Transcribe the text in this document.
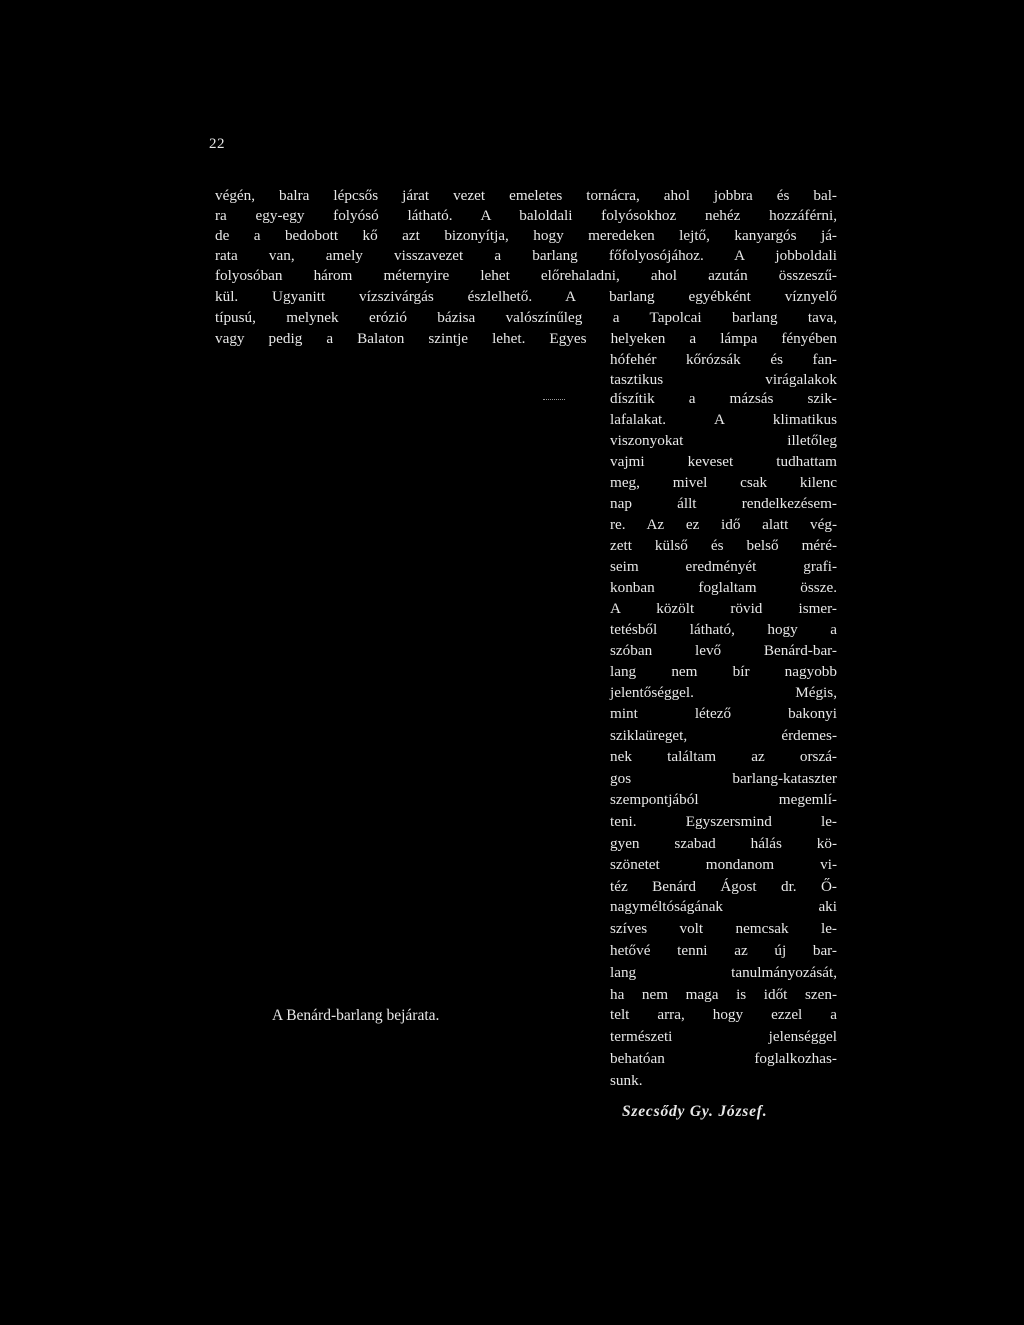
22
végén, balra lépcsős járat vezet emeletes tornácra, ahol jobbra és bal-
ra egy-egy folyósó látható. A baloldali folyósokhoz nehéz hozzáférni,
de a bedobott kő azt bizonyítja, hogy meredeken lejtő, kanyargós já-
rata van, amely visszavezet a barlang főfolyosójához. A jobboldali
folyosóban három méternyire lehet előrehaladni, ahol azután összeszű-
kül. Ugyanitt vízszivárgás észlelhető. A barlang egyébként víznyelő
típusú, melynek erózió bázisa valószínűleg a Tapolcai barlang tava,
vagy pedig a Balaton szintje lehet. Egyes helyeken a lámpa fényében
hófehér kőrózsák és fan-
tasztikus virágalakok
díszítik a mázsás szik-
lafalakat. A klimatikus
viszonyokat illetőleg
vajmi keveset tudhattam
meg, mivel csak kilenc
nap állt rendelkezésem-
re. Az ez idő alatt vég-
zett külső és belső méré-
seim eredményét grafi-
konban foglaltam össze.
A közölt rövid ismer-
tetésből látható, hogy a
szóban levő Benárd-bar-
lang nem bír nagyobb
jelentőséggel. Mégis,
mint létező bakonyi
sziklaüreget, érdemes-
nek találtam az orszá-
gos barlang-kataszter
szempontjából megemlí-
teni. Egyszersmind le-
gyen szabad hálás kö-
szönetet mondanom vi-
téz Benárd Ágost dr. Ő-
nagyméltóságának aki
szíves volt nemcsak le-
hetővé tenni az új bar-
lang tanulmányozását,
ha nem maga is időt szen-
telt arra, hogy ezzel a
természeti jelenséggel
behatóan foglalkozhas-
sunk.
A Benárd-barlang bejárata.
Szecsődy Gy. József.
